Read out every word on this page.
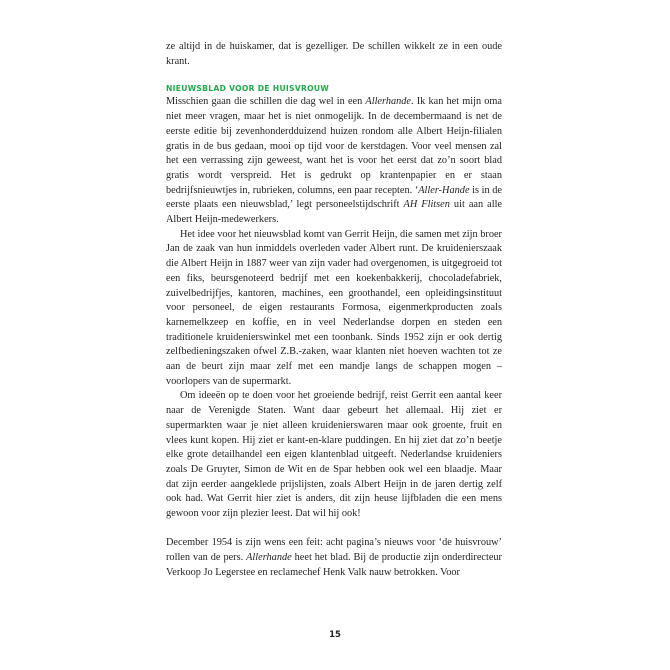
ze altijd in de huiskamer, dat is gezelliger. De schillen wikkelt ze in een oude krant.

NIEUWSBLAD VOOR DE HUISVROUW

Misschien gaan die schillen die dag wel in een Allerhande. Ik kan het mijn oma niet meer vragen, maar het is niet onmogelijk. In de decembermaand is net de eerste editie bij zevenhonderdduizend huizen rondom alle Albert Heijn-filialen gratis in de bus gedaan, mooi op tijd voor de kerstdagen. Voor veel mensen zal het een verrassing zijn geweest, want het is voor het eerst dat zo’n soort blad gratis wordt verspreid. Het is gedrukt op krantenpapier en er staan bedrijfsnieuwtjes in, rubrieken, columns, een paar recepten. ‘Aller-Hande is in de eerste plaats een nieuwsblad,’ legt personeelstijdschrift AH Flitsen uit aan alle Albert Heijn-medewerkers.

Het idee voor het nieuwsblad komt van Gerrit Heijn, die samen met zijn broer Jan de zaak van hun inmiddels overleden vader Albert runt. De kruidenierszaak die Albert Heijn in 1887 weer van zijn vader had overgenomen, is uitgegroeid tot een fiks, beursgenoteerd bedrijf met een koekenbakkerij, chocoladefabriek, zuivelbedrijfjes, kantoren, machines, een groothandel, een opleidingsinstituut voor personeel, de eigen restaurants Formosa, eigenmerkproducten zoals karnemelkzeep en koffie, en in veel Nederlandse dorpen en steden een traditionele kruidenierswinkel met een toonbank. Sinds 1952 zijn er ook dertig zelfbedieningszaken ofwel Z.B.-zaken, waar klanten niet hoeven wachten tot ze aan de beurt zijn maar zelf met een mandje langs de schappen mogen – voorlopers van de supermarkt.

Om ideeën op te doen voor het groeiende bedrijf, reist Gerrit een aantal keer naar de Verenigde Staten. Want daar gebeurt het allemaal. Hij ziet er supermarkten waar je niet alleen kruidenierswaren maar ook groente, fruit en vlees kunt kopen. Hij ziet er kant-en-klare puddingen. En hij ziet dat zo’n beetje elke grote detailhandel een eigen klantenblad uitgeeft. Nederlandse kruideniers zoals De Gruyter, Simon de Wit en de Spar hebben ook wel een blaadje. Maar dat zijn eerder aangeklede prijslijsten, zoals Albert Heijn in de jaren dertig zelf ook had. Wat Gerrit hier ziet is anders, dit zijn heuse lijfbladen die een mens gewoon voor zijn plezier leest. Dat wil hij ook!

December 1954 is zijn wens een feit: acht pagina’s nieuws voor ‘de huisvrouw’ rollen van de pers. Allerhande heet het blad. Bij de productie zijn onderdirecteur Verkoop Jo Legerstee en reclamechef Henk Valk nauw betrokken. Voor

15
